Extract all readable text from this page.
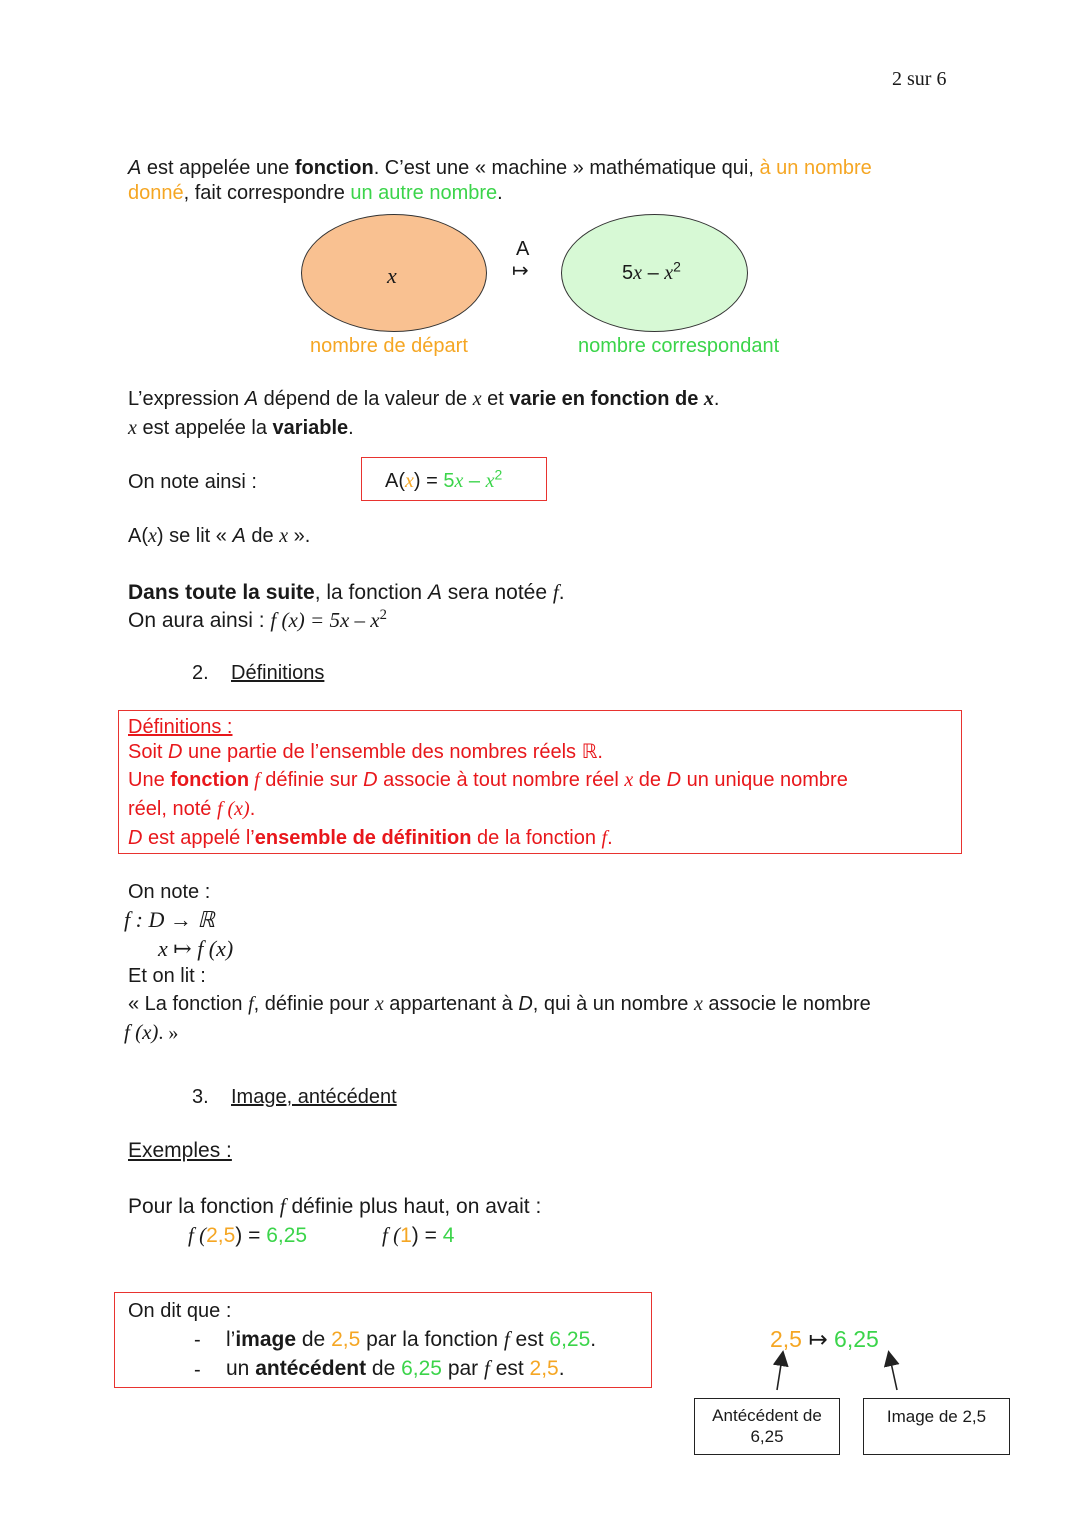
2 sur 6
A est appelée une fonction. C’est une « machine » mathématique qui, à un nombre
donné, fait correspondre un autre nombre.
x
A
↦	$5x - x^2$
nombre de départ	nombre correspondant
L’expression A dépend de la valeur de x et varie en fonction de x.
x est appelée la variable.
On note ainsi :	$A(x) = 5x - x^2$
A(x) se lit « A de x ».
Dans toute la suite, la fonction A sera notée f.
On aura ainsi : f $(x) = 5x - x^2$
2. Définitions
Définitions :
Soit D une partie de l’ensemble des nombres réels ℝ.
Une fonction f définie sur D associe à tout nombre réel x de D un unique nombre
réel, noté f (x).
D est appelé l’ensemble de définition de la fonction f.
On note :
f : D → ℝ
x ↦ f (x)
Et on lit :
« La fonction f, définie pour x appartenant à D, qui à un nombre x associe le nombre
f (x). »
3. Image, antécédent
Exemples :
Pour la fonction f définie plus haut, on avait :
f (2,5) = 6,25	f (1) = 4
On dit que :
- l’image de 2,5 par la fonction f est 6,25.
- un antécédent de 6,25 par f est 2,5.
2,5 ↦ 6,25
Antécédent de
6,25
Image de 2,5
